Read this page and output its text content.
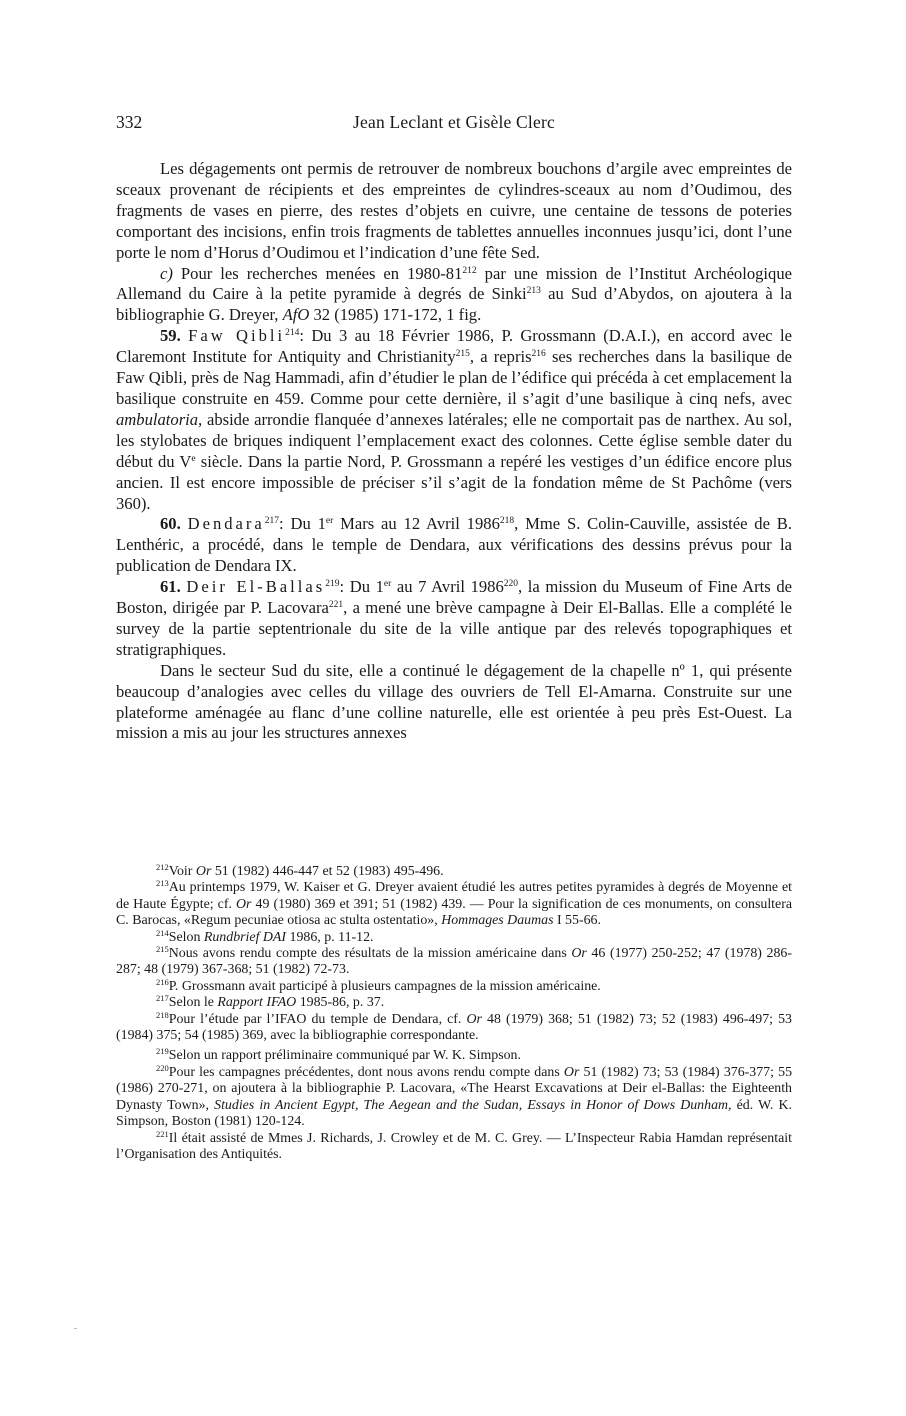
332	Jean Leclant et Gisèle Clerc

Les dégagements ont permis de retrouver de nombreux bouchons d’argile avec empreintes de sceaux provenant de récipients et des empreintes de cylindres-sceaux au nom d’Oudimou, des fragments de vases en pierre, des restes d’objets en cuivre, une centaine de tessons de poteries comportant des incisions, enfin trois fragments de tablettes annuelles inconnues jusqu’ici, dont l’une porte le nom d’Horus d’Oudimou et l’indication d’une fête Sed.

c) Pour les recherches menées en $1980-81^{212}$ par une mission de l’Institut Archéologique Allemand du Caire à la petite pyramide à degrés de Sinki$^{213}$ au Sud d’Abydos, on ajoutera à la bibliographie G. Dreyer, AfO 32 (1985) 171-172, 1 fig.

59. Faw Qibli$^{214}$: Du 3 au 18 Février 1986, P. Grossmann (D.A.I.), en accord avec le Claremont Institute for Antiquity and Christianity$^{215}$, a repris$^{216}$ ses recherches dans la basilique de Faw Qibli, près de Nag Hammadi, afin d’étudier le plan de l’édifice qui précéda à cet emplacement la basilique construite en 459. Comme pour cette dernière, il s’agit d’une basilique à cinq nefs, avec ambulatoria, abside arrondie flanquée d’annexes latérales; elle ne comportait pas de narthex. Au sol, les stylobates de briques indiquent l’emplacement exact des colonnes. Cette église semble dater du début du Ve siècle. Dans la partie Nord, P. Grossmann a repéré les vestiges d’un édifice encore plus ancien. Il est encore impossible de préciser s’il s’agit de la fondation même de St Pachôme (vers 360).

60. Dendara$^{217}$: Du 1er Mars au 12 Avril 1986$^{218}$, Mme S. Colin-Cauville, assistée de B. Lenthéric, a procédé, dans le temple de Dendara, aux vérifications des dessins prévus pour la publication de Dendara IX.

61. Deir El-Ballas$^{219}$: Du 1er au 7 Avril 1986$^{220}$, la mission du Museum of Fine Arts de Boston, dirigée par P. Lacovara$^{221}$, a mené une brève campagne à Deir El-Ballas. Elle a complété le survey de la partie septentrionale du site de la ville antique par des relevés topographiques et stratigraphiques.

Dans le secteur Sud du site, elle a continué le dégagement de la chapelle nº 1, qui présente beaucoup d’analogies avec celles du village des ouvriers de Tell El-Amarna. Construite sur une plateforme aménagée au flanc d’une colline naturelle, elle est orientée à peu près Est-Ouest. La mission a mis au jour les structures annexes

$^{212}$Voir Or 51 (1982) 446-447 et 52 (1983) 495-496.

$^{213}$Au printemps 1979, W. Kaiser et G. Dreyer avaient étudié les autres petites pyramides à degrés de Moyenne et de Haute Égypte; cf. Or 49 (1980) 369 et 391; 51 (1982) 439. — Pour la signification de ces monuments, on consultera C. Barocas, «Regum pecuniae otiosa ac stulta ostentatio», Hommages Daumas I 55-66.

$^{214}$Selon Rundbrief DAI 1986, p. 11-12.

$^{215}$Nous avons rendu compte des résultats de la mission américaine dans Or 46 (1977) 250-252; 47 (1978) 286-287; 48 (1979) 367-368; 51 (1982) 72-73.

$^{216}$P. Grossmann avait participé à plusieurs campagnes de la mission américaine.

$^{217}$Selon le Rapport IFAO 1985-86, p. 37.

$^{218}$Pour l’étude par l’IFAO du temple de Dendara, cf. Or 48 (1979) 368; 51 (1982) 73; 52 (1983) 496-497; 53 (1984) 375; 54 (1985) 369, avec la bibliographie correspondante.

$^{219}$Selon un rapport préliminaire communiqué par W. K. Simpson.

$^{220}$Pour les campagnes précédentes, dont nous avons rendu compte dans Or 51 (1982) 73; 53 (1984) 376-377; 55 (1986) 270-271, on ajoutera à la bibliographie P. Lacovara, «The Hearst Excavations at Deir el-Ballas: the Eighteenth Dynasty Town», Studies in Ancient Egypt, The Aegean and the Sudan, Essays in Honor of Dows Dunham, éd. W. K. Simpson, Boston (1981) 120-124.

$^{221}$Il était assisté de Mmes J. Richards, J. Crowley et de M. C. Grey. — L’Inspecteur Rabia Hamdan représentait l’Organisation des Antiquités.
